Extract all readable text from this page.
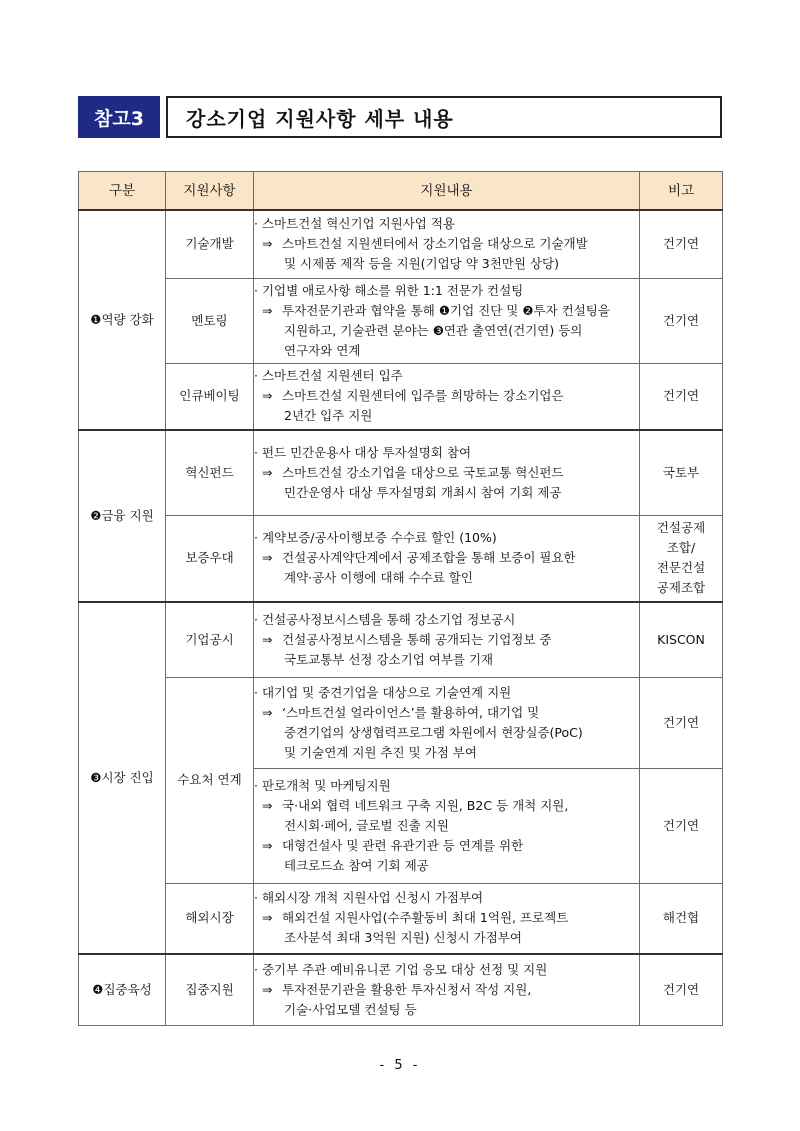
참고3	강소기업 지원사항 세부 내용
구분	지원사항	지원내용	비고
❶역량 강화	기술개발	· 스마트건설 혁신기업 지원사업 적용
⇒ 스마트건설 지원센터에서 강소기업을 대상으로 기술개발
및 시제품 제작 등을 지원(기업당 약 3천만원 상당)	건기연

	멘토링	· 기업별 애로사항 해소를 위한 1:1 전문가 컨설팅
⇒ 투자전문기관과 협약을 통해 ❶기업 진단 및 ❷투자 컨설팅을
지원하고, 기술관련 분야는 ❸연관 출연연(건기연) 등의
연구자와 연계	건기연

	인큐베이팅	· 스마트건설 지원센터 입주
⇒ 스마트건설 지원센터에 입주를 희망하는 강소기업은
2년간 입주 지원	건기연

❷금융 지원	혁신펀드	· 펀드 민간운용사 대상 투자설명회 참여
⇒ 스마트건설 강소기업을 대상으로 국토교통 혁신펀드
민간운영사 대상 투자설명회 개최시 참여 기회 제공	국토부

	보증우대	· 계약보증/공사이행보증 수수료 할인 (10%)
⇒ 건설공사계약단계에서 공제조합을 통해 보증이 필요한
계약·공사 이행에 대해 수수료 할인	건설공제
조합/
전문건설
공제조합

❸시장 진입	기업공시	· 건설공사정보시스템을 통해 강소기업 정보공시
⇒ 건설공사정보시스템을 통해 공개되는 기업정보 중
국토교통부 선정 강소기업 여부를 기재	KISCON

	수요처 연계	· 대기업 및 중견기업을 대상으로 기술연계 지원
⇒ ‘스마트건설 얼라이언스’를 활용하여, 대기업 및
중견기업의 상생협력프로그램 차원에서 현장실증(PoC)
및 기술연계 지원 추진 및 가점 부여	건기연

		· 판로개척 및 마케팅지원
⇒ 국·내외 협력 네트워크 구축 지원, B2C 등 개척 지원,
전시회·페어, 글로벌 진출 지원
⇒ 대형건설사 및 관련 유관기관 등 연계를 위한
테크로드쇼 참여 기회 제공	건기연

	해외시장	· 해외시장 개척 지원사업 신청시 가점부여
⇒ 해외건설 지원사업(수주활동비 최대 1억원, 프로젝트
조사분석 최대 3억원 지원) 신청시 가점부여	해건협

❹집중육성	집중지원	· 중기부 주관 예비유니콘 기업 응모 대상 선정 및 지원
⇒ 투자전문기관을 활용한 투자신청서 작성 지원,
기술·사업모델 컨설팅 등	건기연
- 5 -
